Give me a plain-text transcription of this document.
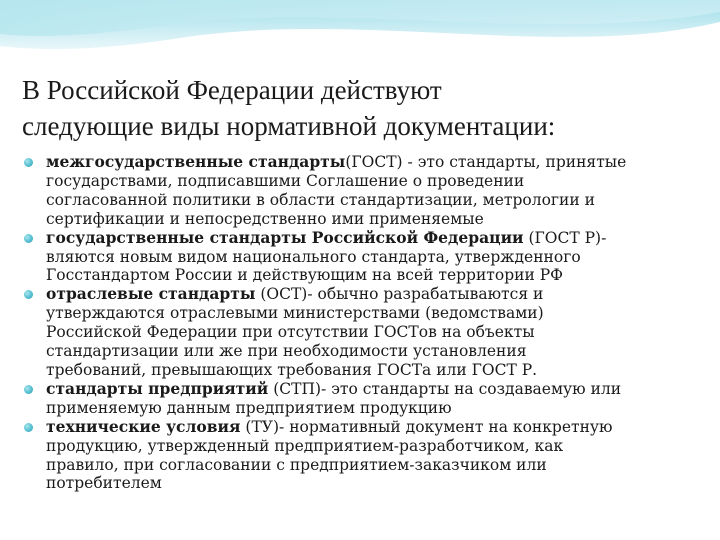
В Российской Федерации действуют
следующие виды нормативной документации:
межгосударственные стандарты(ГОСТ) - это стандарты, принятые
государствами, подписавшими Соглашение о проведении
согласованной политики в области стандартизации, метрологии и
сертификации и непосредственно ими применяемые
государственные стандарты Российской Федерации (ГОСТ Р)-
вляются новым видом национального стандарта, утвержденного
Госстандартом России и действующим на всей территории РФ
отраслевые стандарты (ОСТ)- обычно разрабатываются и
утверждаются отраслевыми министерствами (ведомствами)
Российской Федерации при отсутствии ГОСТов на объекты
стандартизации или же при необходимости установления
требований, превышающих требования ГОСТа или ГОСТ Р.
стандарты предприятий (СТП)- это стандарты на создаваемую или
применяемую данным предприятием продукцию
технические условия (ТУ)- нормативный документ на конкретную
продукцию, утвержденный предприятием-разработчиком, как
правило, при согласовании с предприятием-заказчиком или
потребителем
